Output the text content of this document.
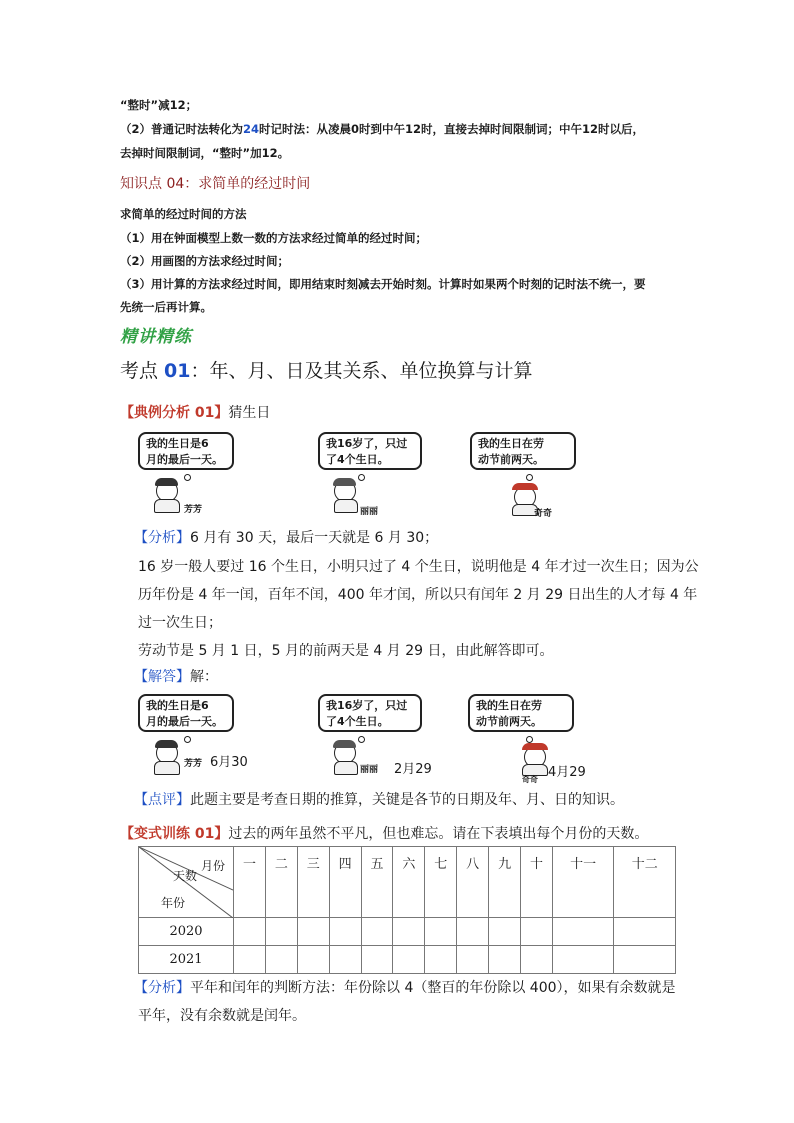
“整时”减12；
（2）普通记时法转化为24时记时法：从凌晨0时到中午12时，直接去掉时间限制词；中午12时以后，
去掉时间限制词，“整时”加12。
知识点 04：求简单的经过时间
求简单的经过时间的方法
（1）用在钟面模型上数一数的方法求经过简单的经过时间；
（2）用画图的方法求经过时间；
（3）用计算的方法求经过时间，即用结束时刻减去开始时刻。计算时如果两个时刻的记时法不统一，要
先统一后再计算。
精讲精练
考点 01：年、月、日及其关系、单位换算与计算
【典例分析 01】猜生日
我的生日是6
月的最后一天。
芳芳
我16岁了，只过
了4个生日。
丽丽
我的生日在劳
动节前两天。
奇奇
【分析】6 月有 30 天，最后一天就是 6 月 30；
16 岁一般人要过 16 个生日，小明只过了 4 个生日，说明他是 4 年才过一次生日；因为公
历年份是 4 年一闰，百年不闰，400 年才闰，所以只有闰年 2 月 29 日出生的人才每 4 年
过一次生日；
劳动节是 5 月 1 日，5 月的前两天是 4 月 29 日，由此解答即可。
【解答】解：
我的生日是6
月的最后一天。
芳芳 6月30
我16岁了，只过
了4个生日。
丽丽 2月29
我的生日在劳
动节前两天。
奇奇 4月29
【点评】此题主要是考查日期的推算，关键是各节的日期及年、月、日的知识。
【变式训练 01】过去的两年虽然不平凡，但也难忘。请在下表填出每个月份的天数。
月份
天数
年份	一	二	三	四	五	六	七	八	九	十	十一	十二
2020												
2021												
【分析】平年和闰年的判断方法：年份除以 4（整百的年份除以 400），如果有余数就是
平年，没有余数就是闰年。
